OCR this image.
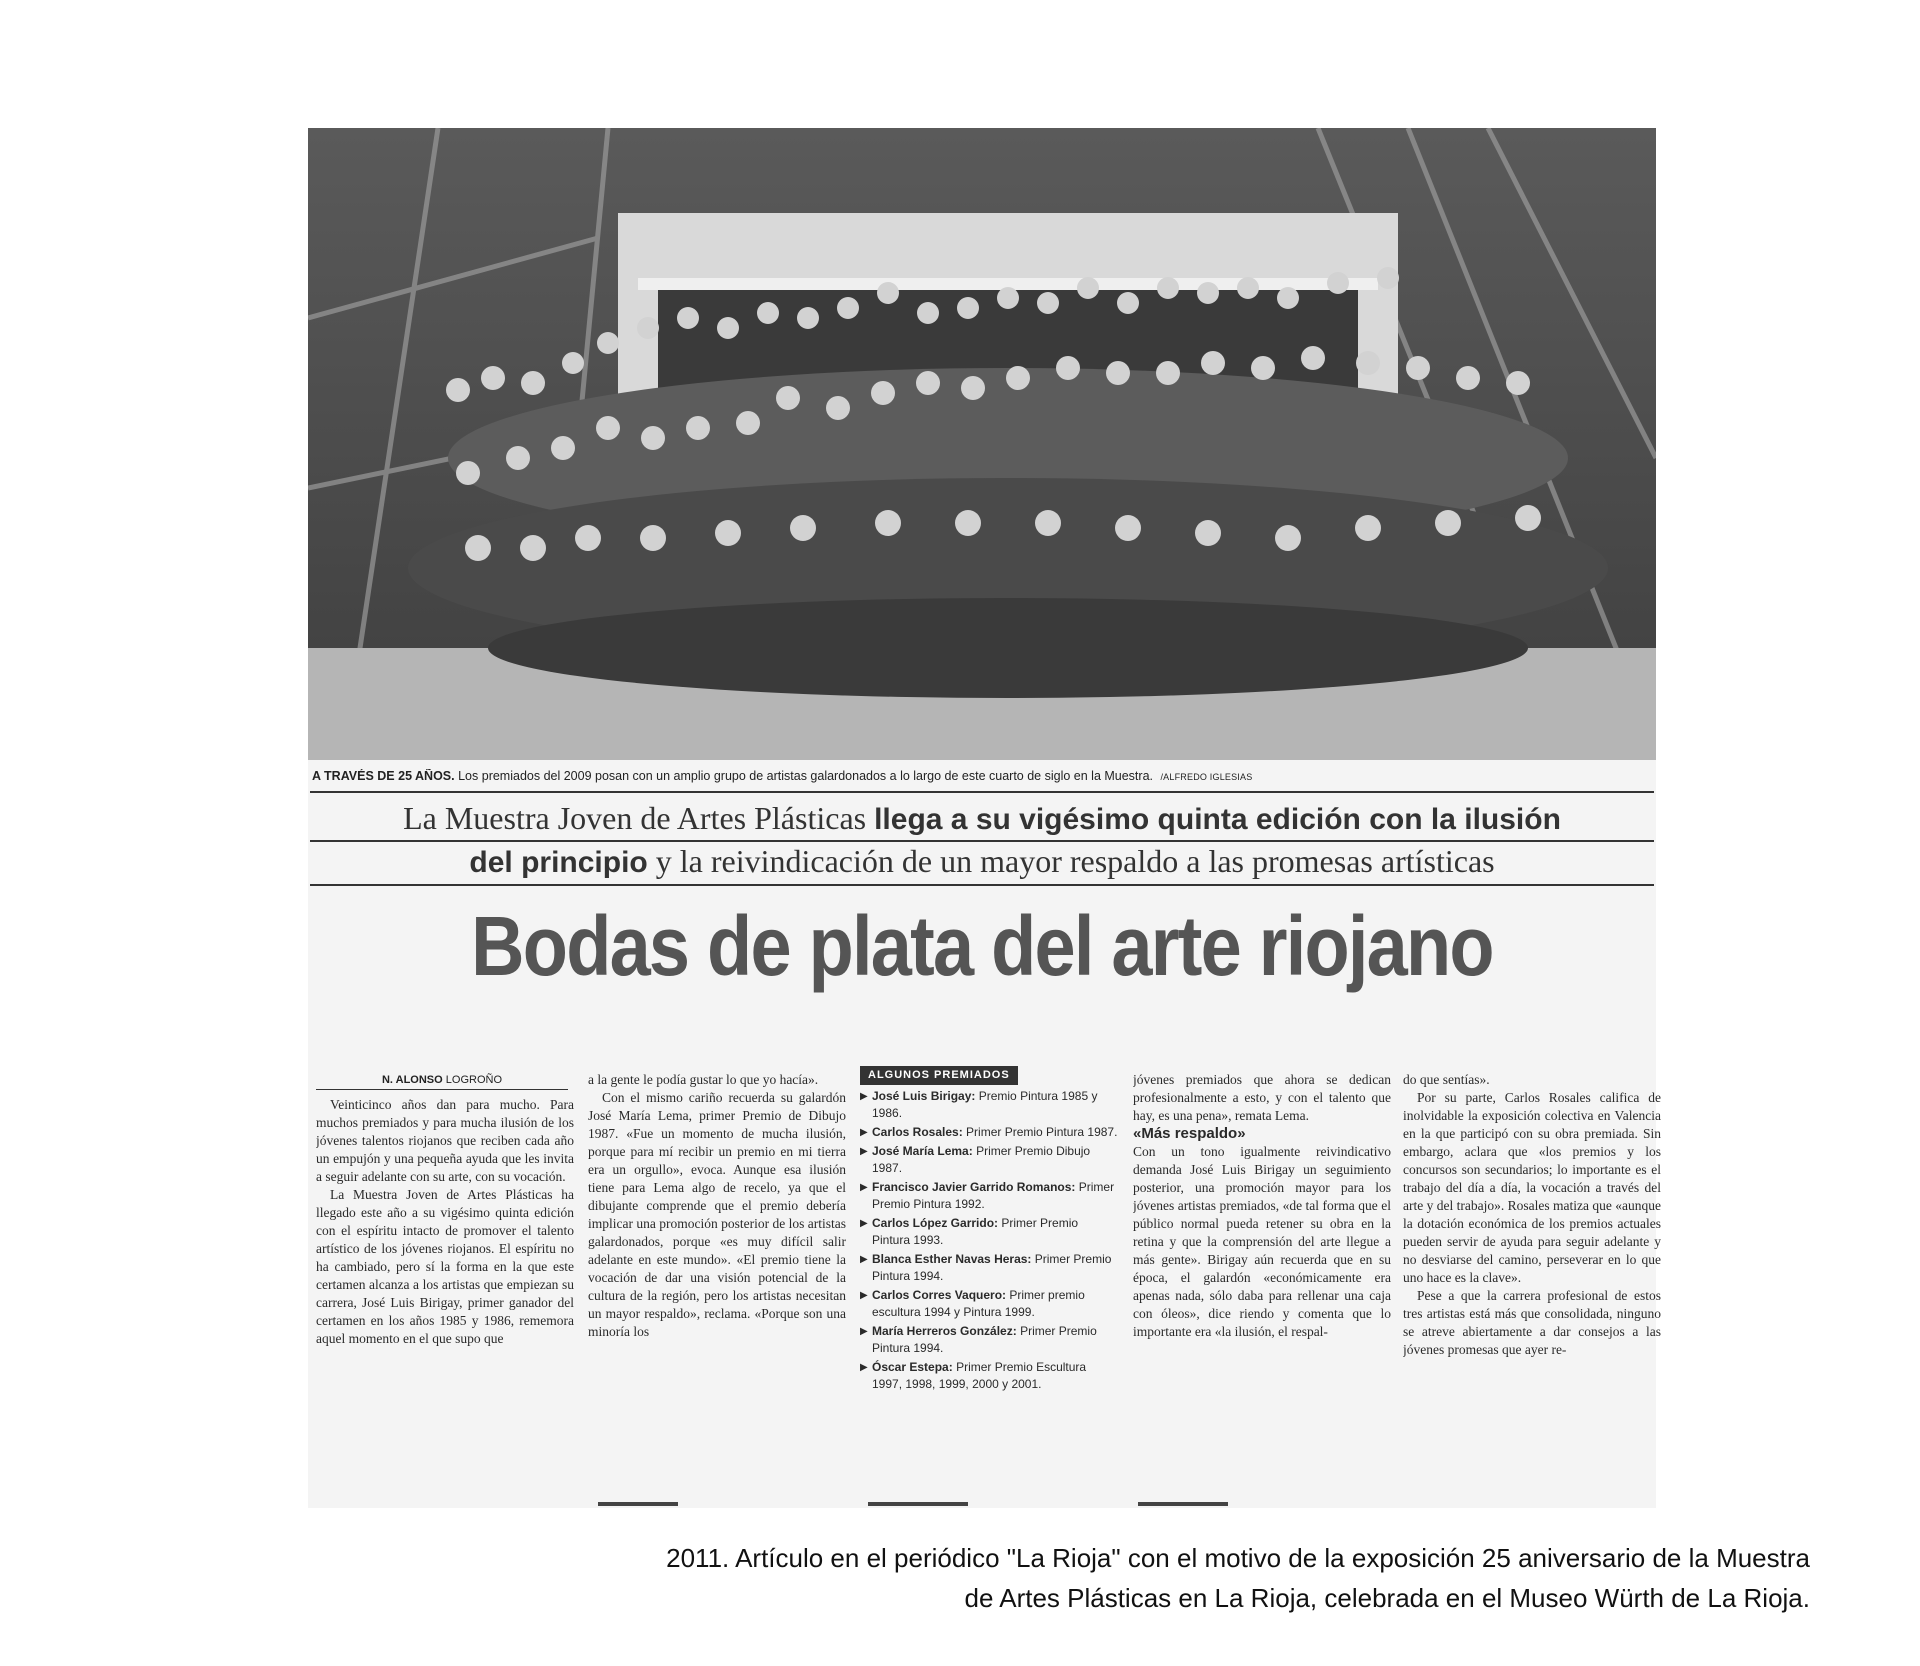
A TRAVÉS DE 25 AÑOS. Los premiados del 2009 posan con un amplio grupo de artistas galardonados a lo largo de este cuarto de siglo en la Muestra. /ALFREDO IGLESIAS
La Muestra Joven de Artes Plásticas llega a su vigésimo quinta edición con la ilusión
del principio y la reivindicación de un mayor respaldo a las promesas artísticas
Bodas de plata del arte riojano
N. ALONSO LOGROÑO

Veinticinco años dan para mucho. Para muchos premiados y para mucha ilusión de los jóvenes talentos riojanos que reciben cada año un empujón y una pequeña ayuda que les invita a seguir adelante con su arte, con su vocación.

La Muestra Joven de Artes Plásticas ha llegado este año a su vigésimo quinta edición con el espíritu intacto de promover el talento artístico de los jóvenes riojanos. El espíritu no ha cambiado, pero sí la forma en la que este certamen alcanza a los artistas que empiezan su carrera, José Luis Birigay, primer ganador del certamen en los años 1985 y 1986, rememora aquel momento en el que supo que

a la gente le podía gustar lo que yo hacía».

Con el mismo cariño recuerda su galardón José María Lema, primer Premio de Dibujo 1987. «Fue un momento de mucha ilusión, porque para mí recibir un premio en mi tierra era un orgullo», evoca. Aunque esa ilusión tiene para Lema algo de recelo, ya que el dibujante comprende que el premio debería implicar una promoción posterior de los artistas galardonados, porque «es muy difícil salir adelante en este mundo». «El premio tiene la vocación de dar una visión potencial de la cultura de la región, pero los artistas necesitan un mayor respaldo», reclama. «Porque son una minoría los

ALGUNOS PREMIADOS
▶ José Luis Birigay: Premio Pintura 1985 y 1986.
▶ Carlos Rosales: Primer Premio Pintura 1987.
▶ José María Lema: Primer Premio Dibujo 1987.
▶ Francisco Javier Garrido Romanos: Primer Premio Pintura 1992.
▶ Carlos López Garrido: Primer Premio Pintura 1993.
▶ Blanca Esther Navas Heras: Primer Premio Pintura 1994.
▶ Carlos Corres Vaquero: Primer premio escultura 1994 y Pintura 1999.
▶ María Herreros González: Primer Premio Pintura 1994.
▶ Óscar Estepa: Primer Premio Escultura 1997, 1998, 1999, 2000 y 2001.

jóvenes premiados que ahora se dedican profesionalmente a esto, y con el talento que hay, es una pena», remata Lema.

«Más respaldo»

Con un tono igualmente reivindicativo demanda José Luis Birigay un seguimiento posterior, una promoción mayor para los jóvenes artistas premiados, «de tal forma que el público normal pueda retener su obra en la retina y que la comprensión del arte llegue a más gente». Birigay aún recuerda que en su época, el galardón «económicamente era apenas nada, sólo daba para rellenar una caja con óleos», dice riendo y comenta que lo importante era «la ilusión, el respal-

do que sentías».

Por su parte, Carlos Rosales califica de inolvidable la exposición colectiva en Valencia en la que participó con su obra premiada. Sin embargo, aclara que «los premios y los concursos son secundarios; lo importante es el trabajo del día a día, la vocación a través del arte y del trabajo». Rosales matiza que «aunque la dotación económica de los premios actuales pueden servir de ayuda para seguir adelante y no desviarse del camino, perseverar en lo que uno hace es la clave».

Pese a que la carrera profesional de estos tres artistas está más que consolidada, ninguno se atreve abiertamente a dar consejos a las jóvenes promesas que ayer re-

2011. Artículo en el periódico "La Rioja" con el motivo de la exposición 25 aniversario de la Muestra
de Artes Plásticas en La Rioja, celebrada en el Museo Würth de La Rioja.
